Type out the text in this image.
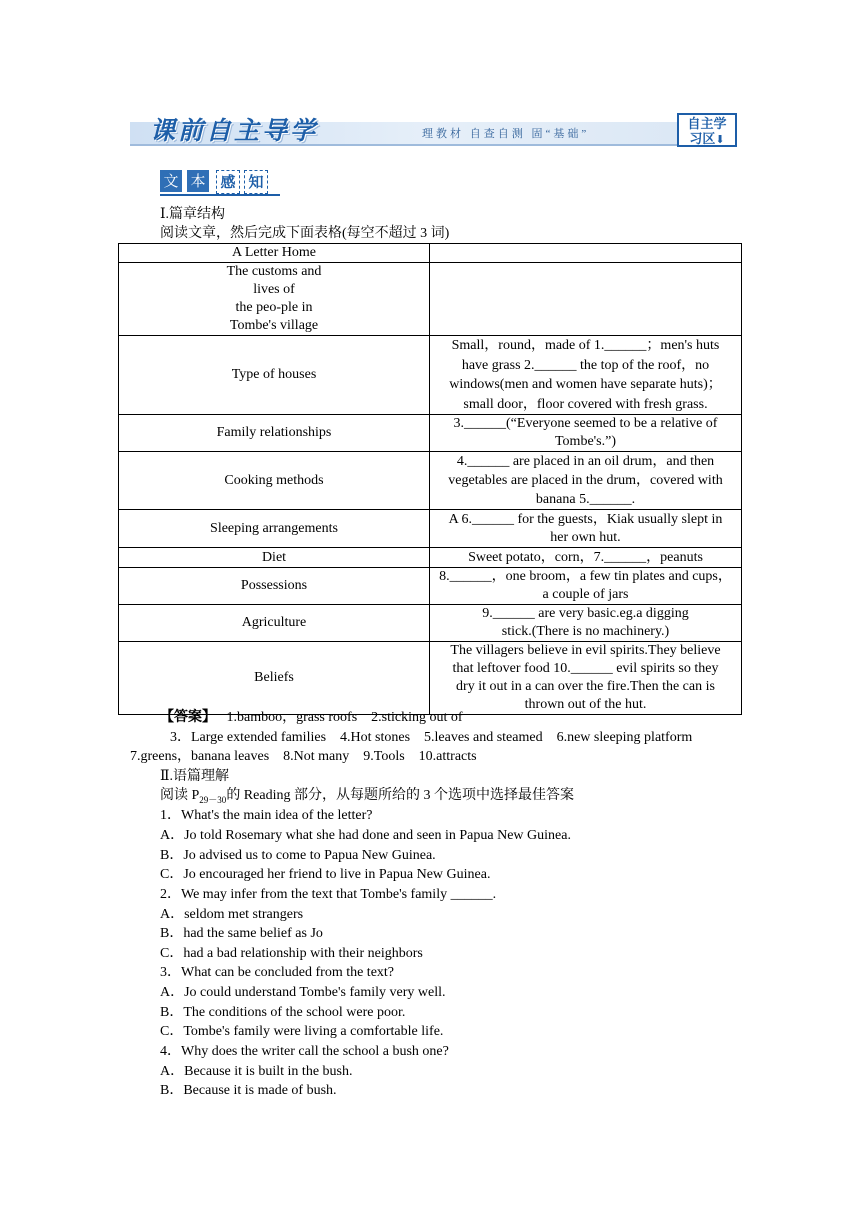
课前自主导学	理教材 自查自测 固“基础”
自主学
习区⬇
文 本 感 知
Ⅰ.篇章结构
阅读文章，然后完成下面表格(每空不超过 3 词)
A Letter Home	

The customs and
lives of
the peo-ple in
Tombe's village	

Type of houses	Small，round，made of 1.______；men's huts
have grass 2.______ the top of the roof，no
windows(men and women have separate huts)；
small door，floor covered with fresh grass.

Family relationships	3.______(“Everyone seemed to be a relative of
Tombe's.”)

Cooking methods	4.______ are placed in an oil drum，and then
vegetables are placed in the drum，covered with
banana 5.______.

Sleeping arrangements	A 6.______ for the guests，Kiak usually slept in
her own hut.

Diet	Sweet potato，corn，7.______，peanuts

Possessions	8.______，one broom，a few tin plates and cups，
a couple of jars

Agriculture	9.______ are very basic.eg.a digging
stick.(There is no machinery.)

Beliefs	The villagers believe in evil spirits.They believe
that leftover food 10.______ evil spirits so they
dry it out in a can over the fire.Then the can is
thrown out of the hut.
【答案】 1.bamboo，grass roofs　2.sticking out of
3．Large extended families　4.Hot stones　5.leaves and steamed　6.new sleeping platform
7.greens，banana leaves　8.Not many　9.Tools　10.attracts
Ⅱ.语篇理解
阅读 $P_{29-30}$的 Reading 部分，从每题所给的 3 个选项中选择最佳答案
1．What's the main idea of the letter?
A．Jo told Rosemary what she had done and seen in Papua New Guinea.
B．Jo advised us to come to Papua New Guinea.
C．Jo encouraged her friend to live in Papua New Guinea.
2．We may infer from the text that Tombe's family ______.
A．seldom met strangers
B．had the same belief as Jo
C．had a bad relationship with their neighbors
3．What can be concluded from the text?
A．Jo could understand Tombe's family very well.
B．The conditions of the school were poor.
C．Tombe's family were living a comfortable life.
4．Why does the writer call the school a bush one?
A．Because it is built in the bush.
B．Because it is made of bush.
